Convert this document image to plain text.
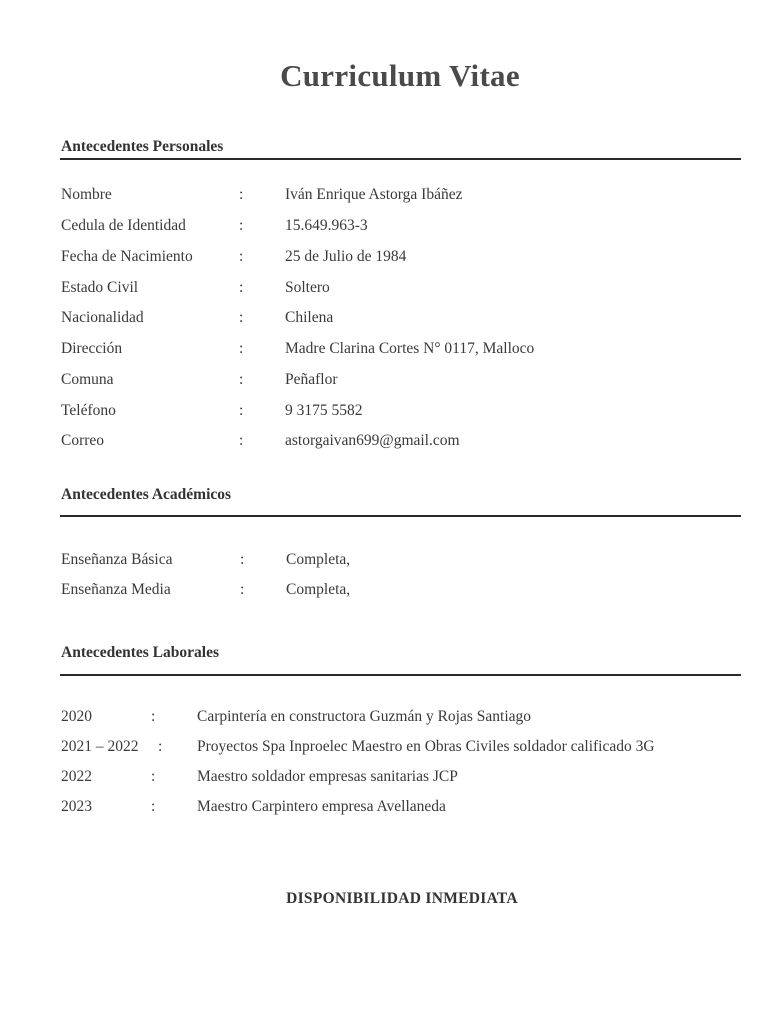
Curriculum Vitae
Antecedentes Personales
Nombre	:	Iván Enrique Astorga Ibáñez
Cedula de Identidad	:	15.649.963-3
Fecha de Nacimiento	:	25 de Julio de 1984
Estado Civil	:	Soltero
Nacionalidad	:	Chilena
Dirección	:	Madre Clarina Cortes N° 0117, Malloco
Comuna	:	Peñaflor
Teléfono	:	9 3175 5582
Correo	:	astorgaivan699@gmail.com
Antecedentes Académicos
Enseñanza Básica	:	Completa,
Enseñanza Media	:	Completa,
Antecedentes Laborales
2020	:	Carpintería en constructora Guzmán y Rojas Santiago
2021 – 2022 : Proyectos Spa Inproelec Maestro en Obras Civiles soldador calificado 3G
2022	:	Maestro soldador empresas sanitarias JCP
2023	:	Maestro Carpintero empresa Avellaneda
DISPONIBILIDAD INMEDIATA
